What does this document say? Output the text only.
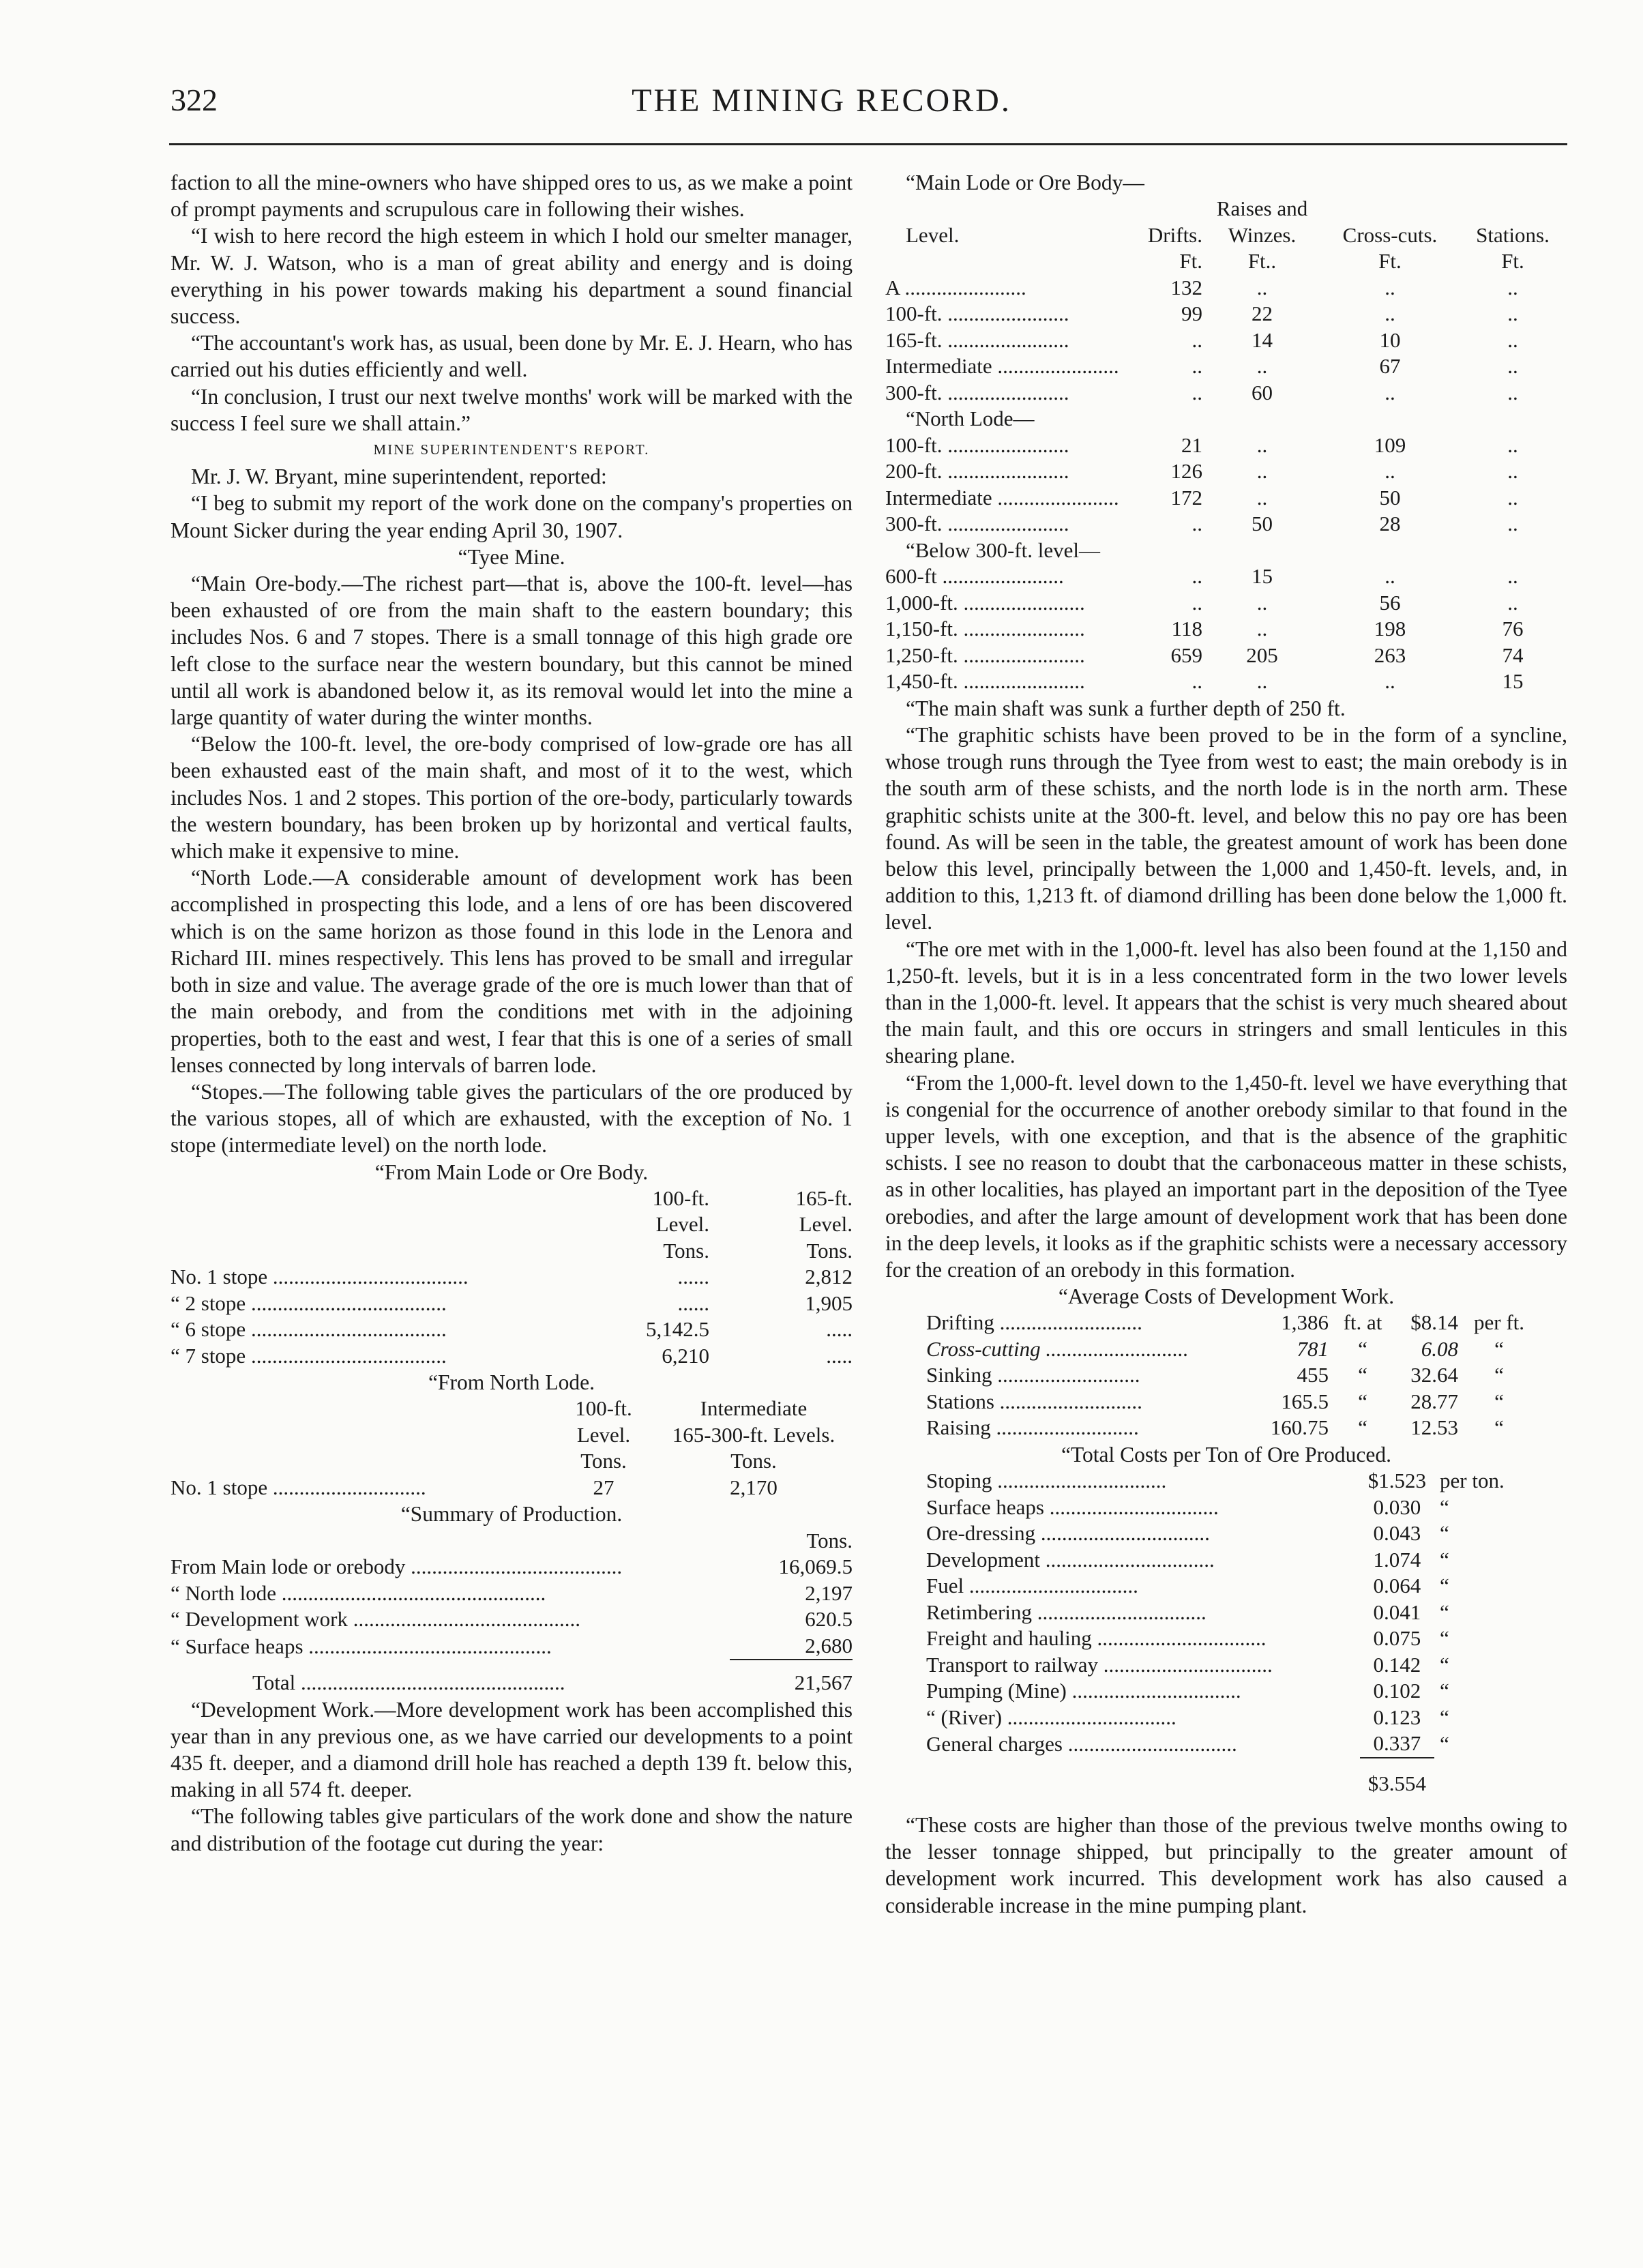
322	THE MINING RECORD.

faction to all the mine-owners who have shipped ores to us, as we make a point of prompt payments and scrupulous care in following their wishes.

“I wish to here record the high esteem in which I hold our smelter manager, Mr. W. J. Watson, who is a man of great ability and energy and is doing everything in his power towards making his department a sound financial success.

“The accountant's work has, as usual, been done by Mr. E. J. Hearn, who has carried out his duties efficiently and well.

“In conclusion, I trust our next twelve months' work will be marked with the success I feel sure we shall attain.”

MINE SUPERINTENDENT'S REPORT.

Mr. J. W. Bryant, mine superintendent, reported:

“I beg to submit my report of the work done on the company's properties on Mount Sicker during the year ending April 30, 1907.

“Tyee Mine.

“Main Ore-body.—The richest part—that is, above the 100-ft. level—has been exhausted of ore from the main shaft to the eastern boundary; this includes Nos. 6 and 7 stopes. There is a small tonnage of this high grade ore left close to the surface near the western boundary, but this cannot be mined until all work is abandoned below it, as its removal would let into the mine a large quantity of water during the winter months.

“Below the 100-ft. level, the ore-body comprised of low-grade ore has all been exhausted east of the main shaft, and most of it to the west, which includes Nos. 1 and 2 stopes. This portion of the ore-body, particularly towards the western boundary, has been broken up by horizontal and vertical faults, which make it expensive to mine.

“North Lode.—A considerable amount of development work has been accomplished in prospecting this lode, and a lens of ore has been discovered which is on the same horizon as those found in this lode in the Lenora and Richard III. mines respectively. This lens has proved to be small and irregular both in size and value. The average grade of the ore is much lower than that of the main orebody, and from the conditions met with in the adjoining properties, both to the east and west, I fear that this is one of a series of small lenses connected by long intervals of barren lode.

“Stopes.—The following table gives the particulars of the ore produced by the various stopes, all of which are exhausted, with the exception of No. 1 stope (intermediate level) on the north lode.

“From Main Lode or Ore Body.

	100-ft.	165-ft.
	Level.	Level.
	Tons.	Tons.
No. 1 stope .....................................	......	2,812
“ 2 stope .....................................	......	1,905
“ 6 stope .....................................	5,142.5	.....
“ 7 stope .....................................	6,210	.....

“From North Lode.

	100-ft.	Intermediate
	Level.	165-300-ft. Levels.
	Tons.	Tons.
No. 1 stope .............................	27	2,170

“Summary of Production.

	Tons.
From Main lode or orebody ........................................	16,069.5
“ North lode ..................................................	2,197
“ Development work ...........................................	620.5
“ Surface heaps ..............................................	2,680

Total ..................................................	21,567

“Development Work.—More development work has been accomplished this year than in any previous one, as we have carried our developments to a point 435 ft. deeper, and a diamond drill hole has reached a depth 139 ft. below this, making in all 574 ft. deeper.

“The following tables give particulars of the work done and show the nature and distribution of the footage cut during the year:

“Main Lode or Ore Body—

		Raises and		
Level.	Drifts.	Winzes.	Cross-cuts.	Stations.
	Ft.	Ft..	Ft.	Ft.
A .......................	132	..	..	..
100-ft. .......................	99	22	..	..
165-ft. .......................	..	14	10	..
Intermediate .......................	..	..	67	..
300-ft. .......................	..	60	..	..
“North Lode—				
100-ft. .......................	21	..	109	..
200-ft. .......................	126	..	..	..
Intermediate .......................	172	..	50	..
300-ft. .......................	..	50	28	..
“Below 300-ft. level—				
600-ft .......................	..	15	..	..
1,000-ft. .......................	..	..	56	..
1,150-ft. .......................	118	..	198	76
1,250-ft. .......................	659	205	263	74
1,450-ft. .......................	..	..	..	15

“The main shaft was sunk a further depth of 250 ft.

“The graphitic schists have been proved to be in the form of a syncline, whose trough runs through the Tyee from west to east; the main orebody is in the south arm of these schists, and the north lode is in the north arm. These graphitic schists unite at the 300-ft. level, and below this no pay ore has been found. As will be seen in the table, the greatest amount of work has been done below this level, principally between the 1,000 and 1,450-ft. levels, and, in addition to this, 1,213 ft. of diamond drilling has been done below the 1,000 ft. level.

“The ore met with in the 1,000-ft. level has also been found at the 1,150 and 1,250-ft. levels, but it is in a less concentrated form in the two lower levels than in the 1,000-ft. level. It appears that the schist is very much sheared about the main fault, and this ore occurs in stringers and small lenticules in this shearing plane.

“From the 1,000-ft. level down to the 1,450-ft. level we have everything that is congenial for the occurrence of another orebody similar to that found in the upper levels, with one exception, and that is the absence of the graphitic schists. I see no reason to doubt that the carbonaceous matter in these schists, as in other localities, has played an important part in the deposition of the Tyee orebodies, and after the large amount of development work that has been done in the deep levels, it looks as if the graphitic schists were a necessary accessory for the creation of an orebody in this formation.

“Average Costs of Development Work.

Drifting ...........................	1,386	ft. at	$8.14	per ft.
Cross-cutting ...........................	781	“	6.08	“
Sinking ...........................	455	“	32.64	“
Stations ...........................	165.5	“	28.77	“
Raising ...........................	160.75	“	12.53	“

“Total Costs per Ton of Ore Produced.

Stoping ................................	$1.523	per ton.
Surface heaps ................................	0.030	“
Ore-dressing ................................	0.043	“
Development ................................	1.074	“
Fuel ................................	0.064	“
Retimbering ................................	0.041	“
Freight and hauling ................................	0.075	“
Transport to railway ................................	0.142	“
Pumping (Mine) ................................	0.102	“
“ (River) ................................	0.123	“
General charges ................................	0.337	“

	$3.554	

“These costs are higher than those of the previous twelve months owing to the lesser tonnage shipped, but principally to the greater amount of development work incurred. This development work has also caused a considerable increase in the mine pumping plant.
